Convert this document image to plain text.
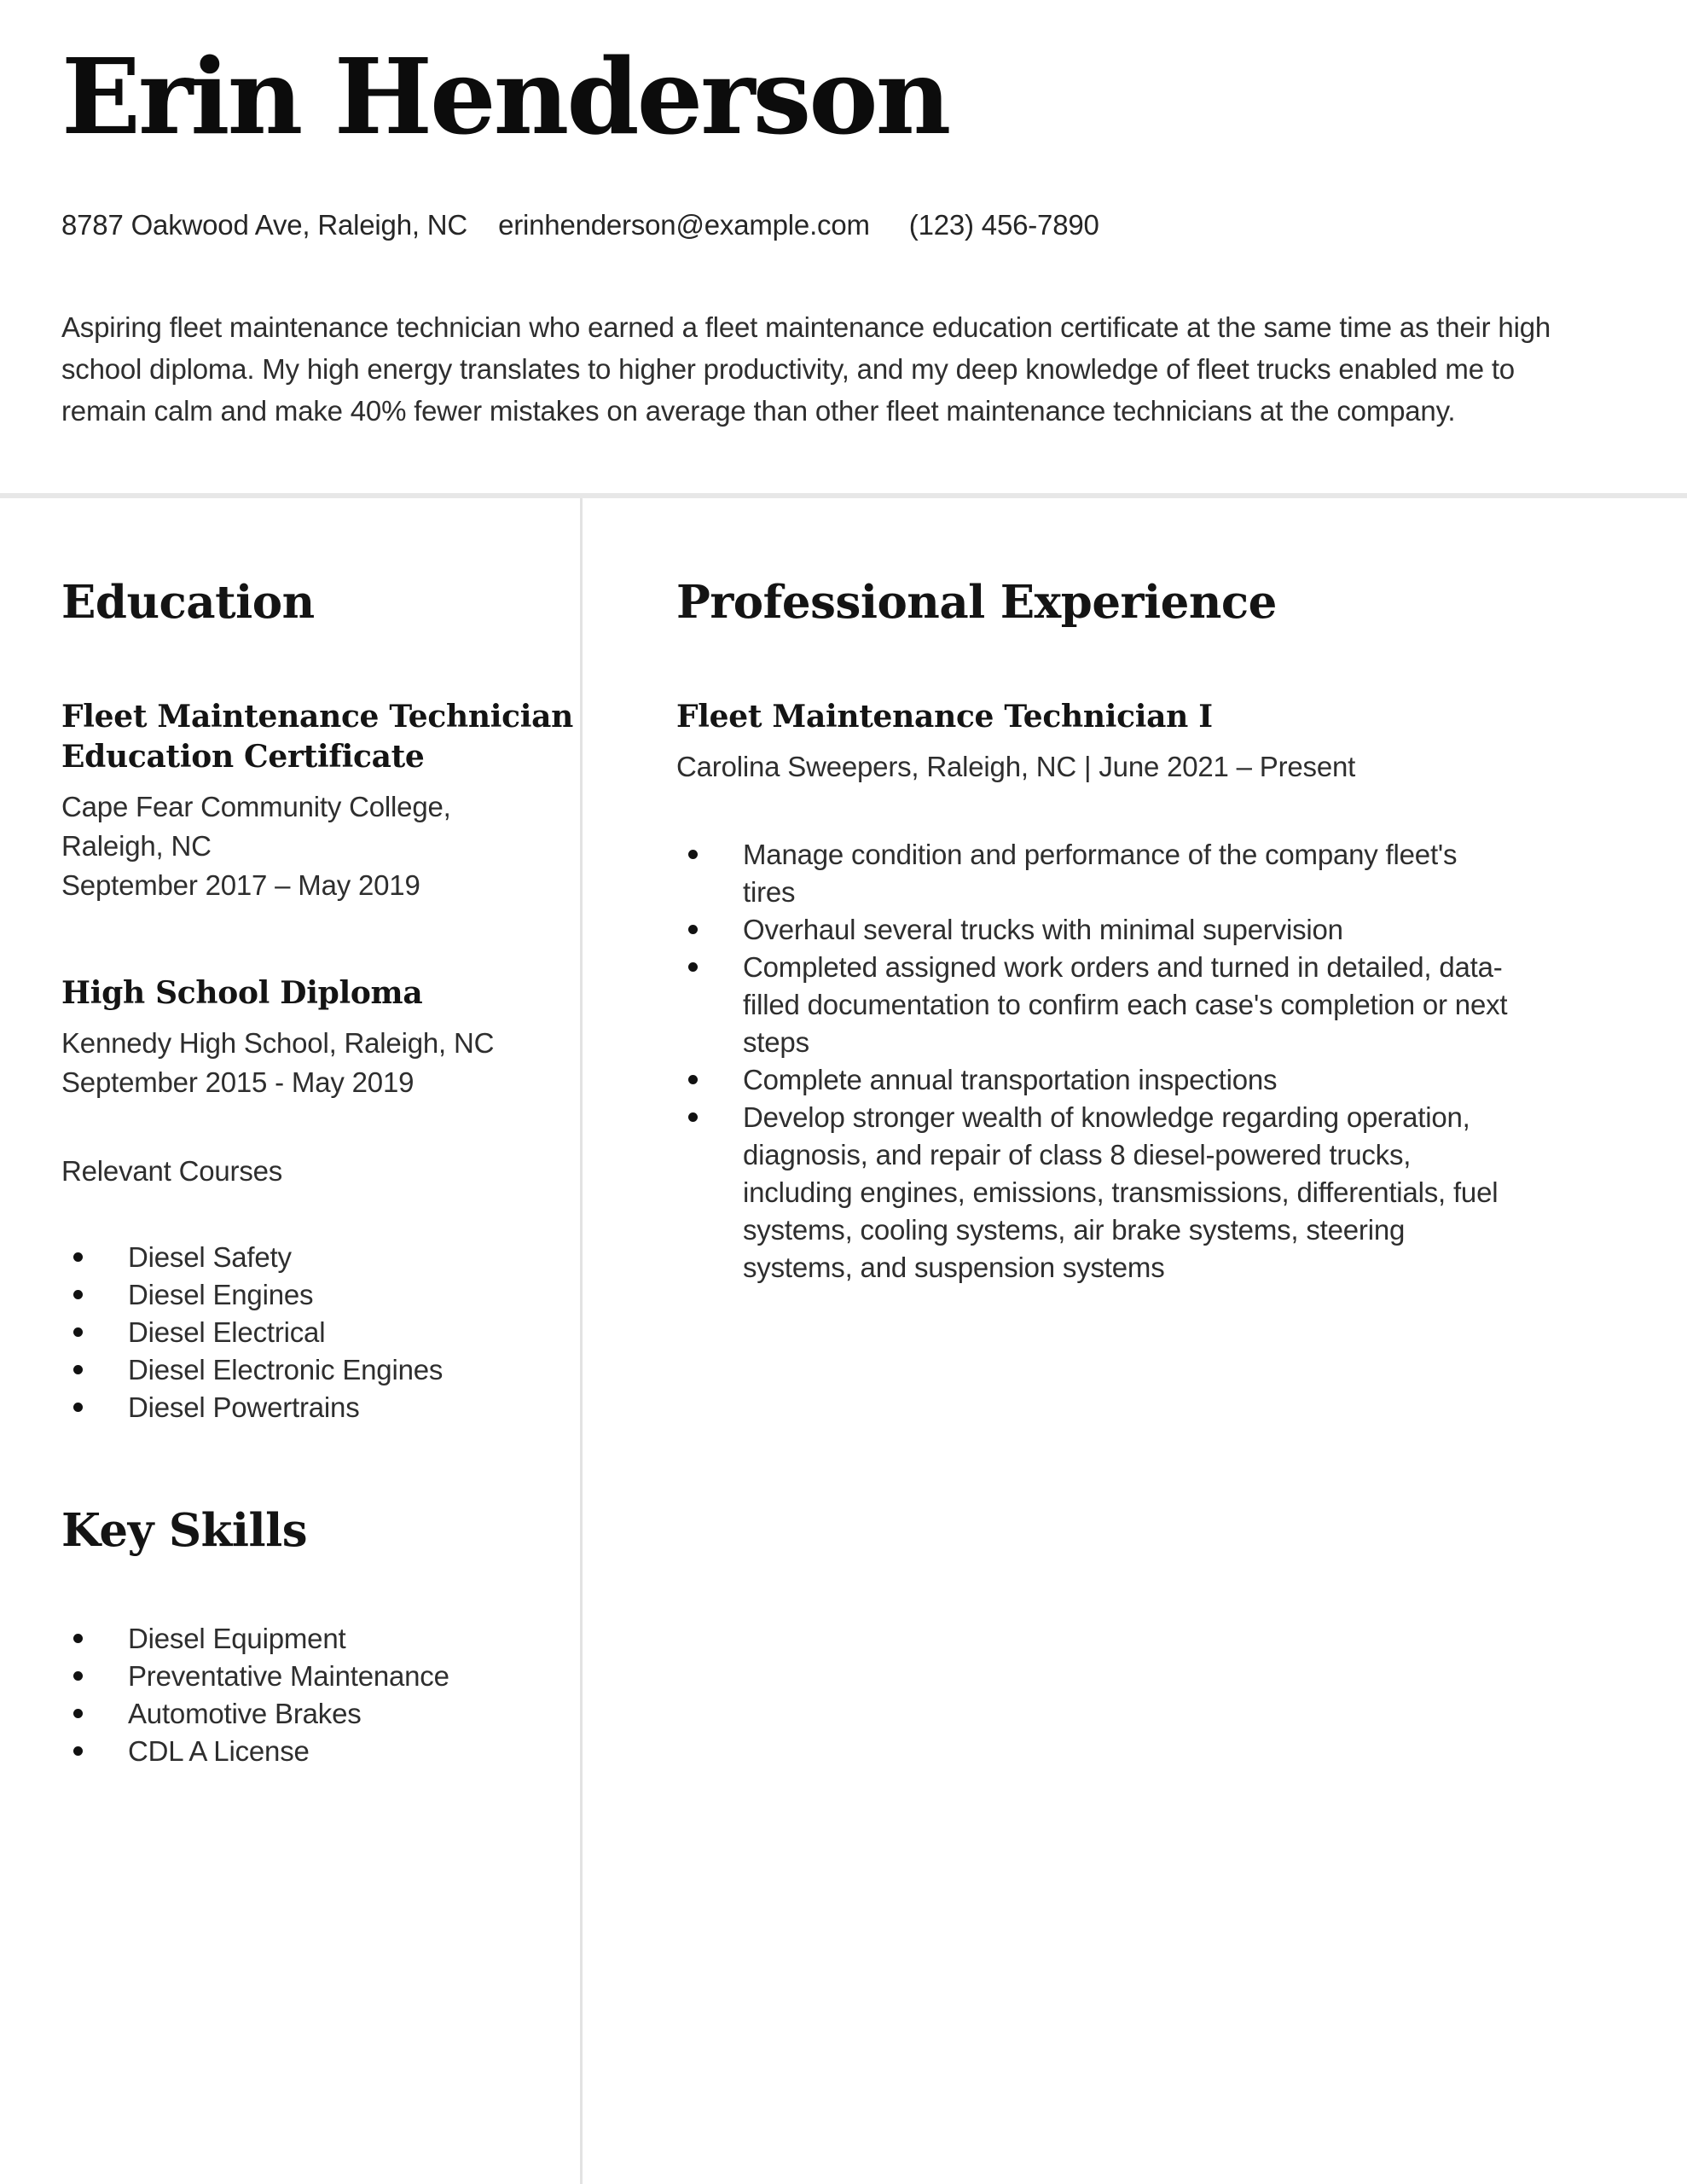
Erin Henderson
8787 Oakwood Ave, Raleigh, NC erinhenderson@example.com (123) 456-7890

Aspiring fleet maintenance technician who earned a fleet maintenance education certificate at the same time as their high school diploma. My high energy translates to higher productivity, and my deep knowledge of fleet trucks enabled me to remain calm and make 40% fewer mistakes on average than other fleet maintenance technicians at the company.

Education
Fleet Maintenance Technician Education Certificate

Cape Fear Community College, Raleigh, NC

September 2017 – May 2019

High School Diploma

Kennedy High School, Raleigh, NC

September 2015 - May 2019

Relevant Courses

Diesel Safety
Diesel Engines
Diesel Electrical
Diesel Electronic Engines
Diesel Powertrains
Key Skills
Diesel Equipment
Preventative Maintenance
Automotive Brakes
CDL A License
Professional Experience
Fleet Maintenance Technician I

Carolina Sweepers, Raleigh, NC | June 2021 – Present

Manage condition and performance of the company fleet's tires
Overhaul several trucks with minimal supervision
Completed assigned work orders and turned in detailed, data-filled documentation to confirm each case's completion or next steps
Complete annual transportation inspections
Develop stronger wealth of knowledge regarding operation, diagnosis, and repair of class 8 diesel-powered trucks, including engines, emissions, transmissions, differentials, fuel systems, cooling systems, air brake systems, steering systems, and suspension systems
